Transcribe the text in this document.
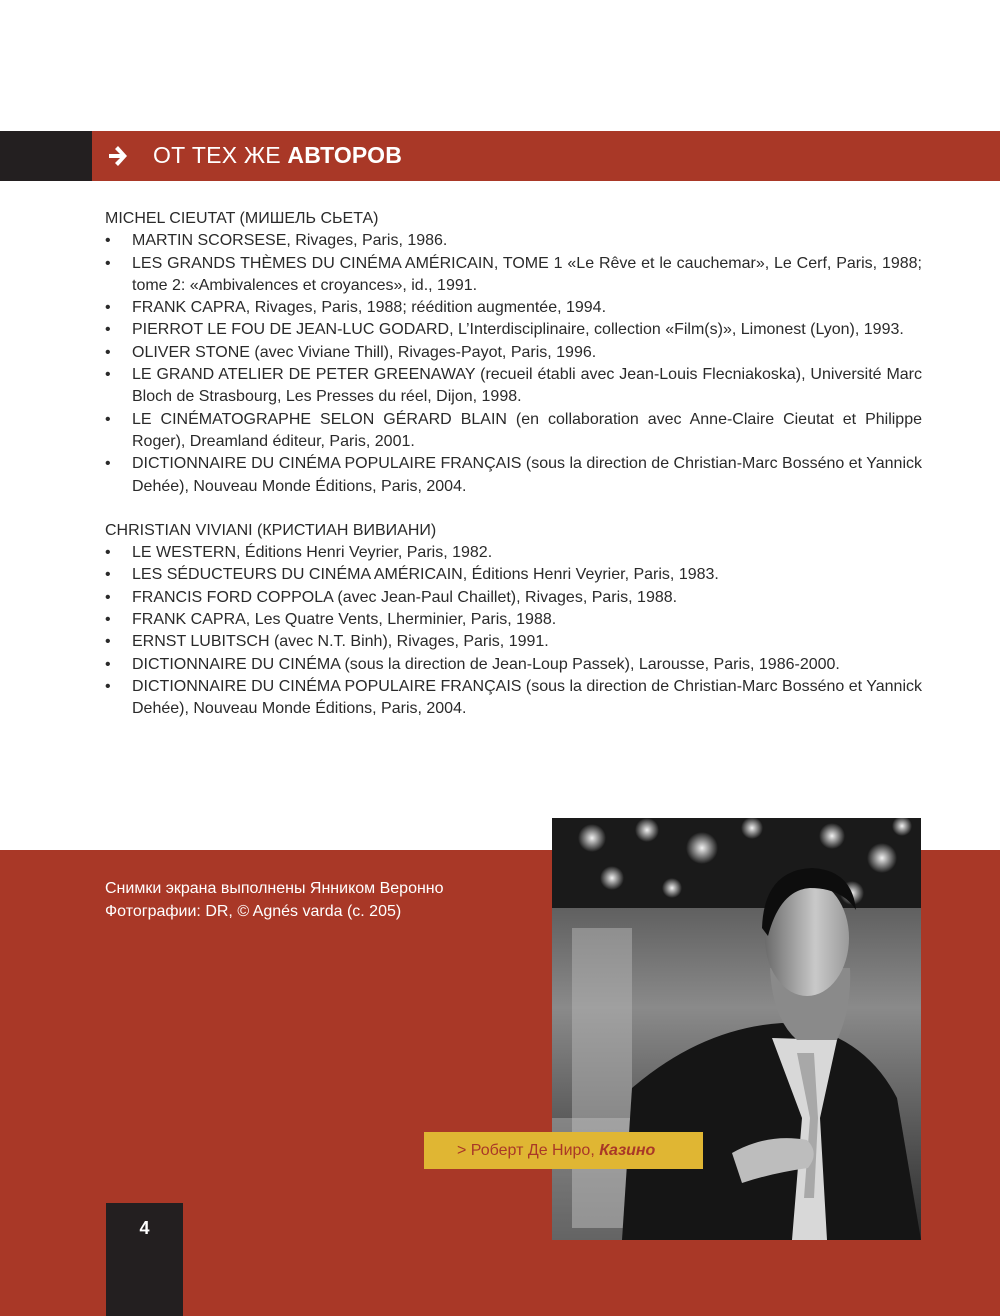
ОТ ТЕХ ЖЕ АВТОРОВ

MICHEL CIEUTAT (МИШЕЛЬ СЬЕТА)

• MARTIN SCORSESE, Rivages, Paris, 1986.
• LES GRANDS THÈMES DU CINÉMA AMÉRICAIN, TOME 1 «Le Rêve et le cauchemar», Le Cerf, Paris, 1988; tome 2: «Ambivalences et croyances», id., 1991.
• FRANK CAPRA, Rivages, Paris, 1988; réédition augmentée, 1994.
• PIERROT LE FOU DE JEAN-LUC GODARD, L’Interdisciplinaire, collection «Film(s)», Limonest (Lyon), 1993.
• OLIVER STONE (avec Viviane Thill), Rivages-Payot, Paris, 1996.
• LE GRAND ATELIER DE PETER GREENAWAY (recueil établi avec Jean-Louis Flecniakoska), Université Marc Bloch de Strasbourg, Les Presses du réel, Dijon, 1998.
• LE CINÉMATOGRAPHE SELON GÉRARD BLAIN (en collaboration avec Anne-Claire Cieutat et Philippe Roger), Dreamland éditeur, Paris, 2001.
• DICTIONNAIRE DU CINÉMA POPULAIRE FRANÇAIS (sous la direction de Christian-Marc Bosséno et Yannick Dehée), Nouveau Monde Éditions, Paris, 2004.

CHRISTIAN VIVIANI (КРИСТИАН ВИВИАНИ)

• LE WESTERN, Éditions Henri Veyrier, Paris, 1982.
• LES SÉDUCTEURS DU CINÉMA AMÉRICAIN, Éditions Henri Veyrier, Paris, 1983.
• FRANCIS FORD COPPOLA (avec Jean-Paul Chaillet), Rivages, Paris, 1988.
• FRANK CAPRA, Les Quatre Vents, Lherminier, Paris, 1988.
• ERNST LUBITSCH (avec N.T. Binh), Rivages, Paris, 1991.
• DICTIONNAIRE DU CINÉMA (sous la direction de Jean-Loup Passek), Larousse, Paris, 1986-2000.
• DICTIONNAIRE DU CINÉMA POPULAIRE FRANÇAIS (sous la direction de Christian-Marc Bosséno et Yannick Dehée), Nouveau Monde Éditions, Paris, 2004.
Снимки экрана выполнены Янником Веронно
Фотографии: DR, © Agnés varda (с. 205)
> Роберт Де Ниро, Казино
4
